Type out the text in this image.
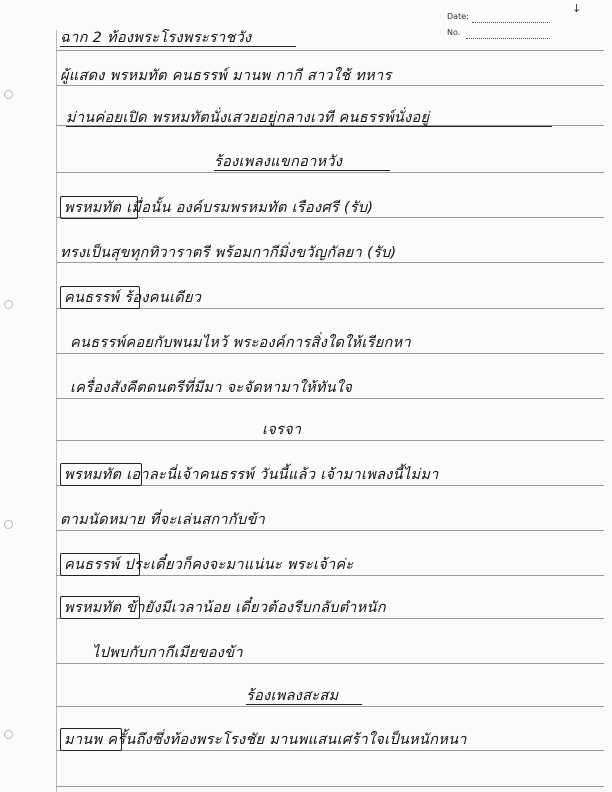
↓
Date:
No.
ฉาก 2 ท้องพระโรงพระราชวัง
ผู้แสดง พรหมทัต คนธรรพ์ มานพ กากี สาวใช้ ทหาร
ม่านค่อยเปิด พรหมทัตนั่งเสวยอยู่กลางเวที คนธรรพ์นั่งอยู่
ร้องเพลงแขกอาหวัง
พรหมทัต เมื่อนั้น องค์บรมพรหมทัต เรืองศรี (รับ)
ทรงเป็นสุขทุกทิวาราตรี พร้อมกากีมิ่งขวัญกัลยา (รับ)
คนธรรพ์ ร้องคนเดียว
คนธรรพ์คอยกับพนมไหว้ พระองค์การสิ่งใดให้เรียกหา
เครื่องสังคีตดนตรีที่มีมา จะจัดหามาให้ทันใจ
เจรจา
พรหมทัต เอาละนี่เจ้าคนธรรพ์ วันนี้แล้ว เจ้ามาเพลงนี้ไม่มา
ตามนัดหมาย ที่จะเล่นสกากับข้า
คนธรรพ์ ประเดี๋ยวก็คงจะมาแน่นะ พระเจ้าค่ะ
พรหมทัต ข้ายังมีเวลาน้อย เดี๋ยวต้องรีบกลับตำหนัก
ไปพบกับกากีเมียของข้า
ร้องเพลงสะสม
มานพ ครั้นถึงซึ่งท้องพระโรงชัย มานพแสนเศร้าใจเป็นหนักหนา
